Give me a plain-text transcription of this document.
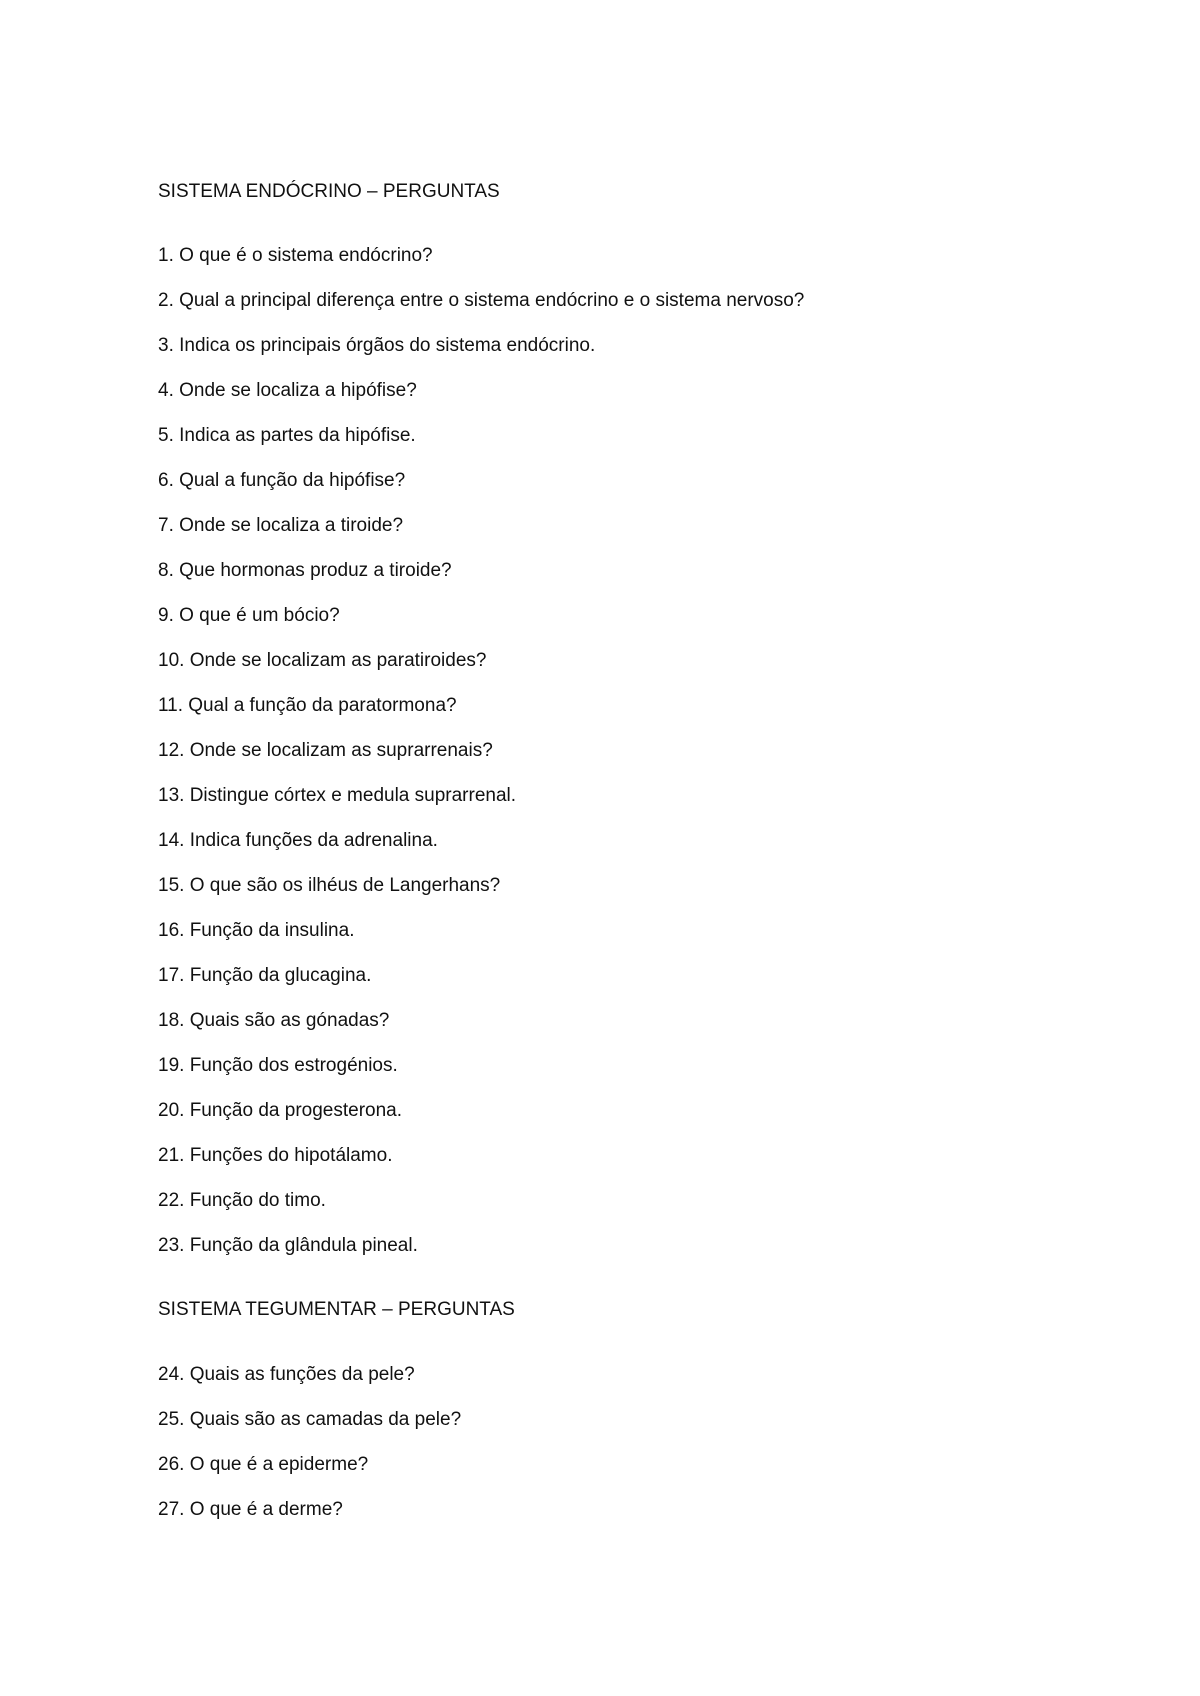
SISTEMA ENDÓCRINO – PERGUNTAS
1. O que é o sistema endócrino?
2. Qual a principal diferença entre o sistema endócrino e o sistema nervoso?
3. Indica os principais órgãos do sistema endócrino.
4. Onde se localiza a hipófise?
5. Indica as partes da hipófise.
6. Qual a função da hipófise?
7. Onde se localiza a tiroide?
8. Que hormonas produz a tiroide?
9. O que é um bócio?
10. Onde se localizam as paratiroides?
11. Qual a função da paratormona?
12. Onde se localizam as suprarrenais?
13. Distingue córtex e medula suprarrenal.
14. Indica funções da adrenalina.
15. O que são os ilhéus de Langerhans?
16. Função da insulina.
17. Função da glucagina.
18. Quais são as gónadas?
19. Função dos estrogénios.
20. Função da progesterona.
21. Funções do hipotálamo.
22. Função do timo.
23. Função da glândula pineal.
SISTEMA TEGUMENTAR – PERGUNTAS
24. Quais as funções da pele?
25. Quais são as camadas da pele?
26. O que é a epiderme?
27. O que é a derme?
